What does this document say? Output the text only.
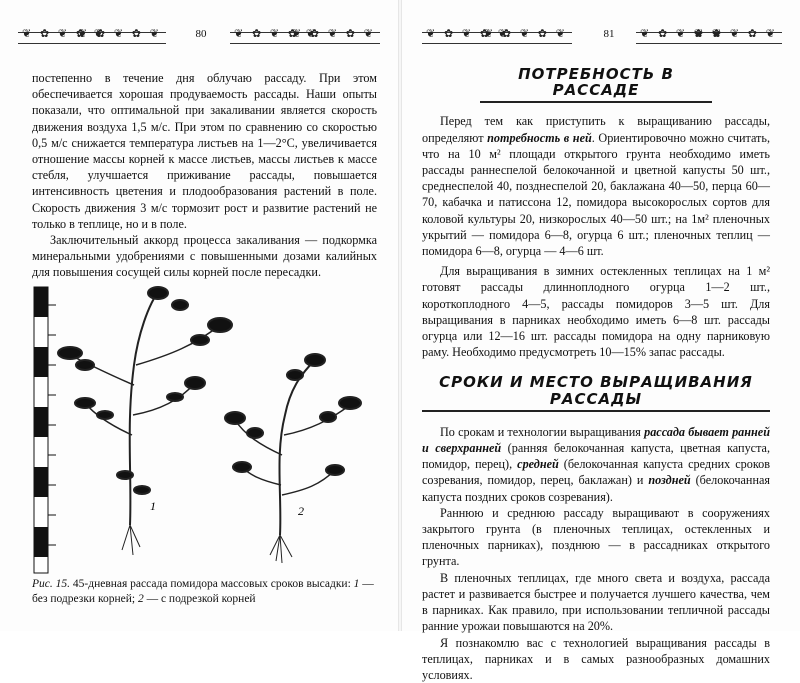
❦ ✿ ❦ ✿ ❦ ❦ ✿ ❦ ✿ ❦
80
❦ ✿ ❦ ✿ ❦ ❦ ✿ ❦ ✿ ❦

постепенно в течение дня облучаю рассаду. При этом обеспечивается хорошая продуваемость рассады. Наши опыты показали, что оптимальной при закаливании является скорость движения воздуха 1,5 м/с. При этом по сравнению со скоростью 0,5 м/с снижается температура листьев на 1—2°С, увеличивается отношение массы корней к массе листьев, массы листьев к массе стебля, улучшается приживание рассады, повышается интенсивность цветения и плодообразования растений в поле. Скорость движения 3 м/с тормозит рост и развитие растений не только в теплице, но и в поле.

Заключительный аккорд процесса закаливания — подкормка минеральными удобрениями с повышенными дозами калийных для повышения сосущей силы корней после пересадки.

1	2
Рис. 15. 45-дневная рассада помидора массовых сроков высадки: 1 — без подрезки корней; 2 — с подрезкой корней
❦ ✿ ❦ ✿ ❦ ❦ ✿ ❦ ✿ ❦
81
❦ ✿ ❦ ✿ ❦ ❦ ✿ ❦ ✿ ❦
ПОТРЕБНОСТЬ В РАССАДЕ

Перед тем как приступить к выращиванию рассады, определяют потребность в ней. Ориентировочно можно считать, что на 10 м² площади открытого грунта необходимо иметь рассады раннеспелой белокочанной и цветной капусты 50 шт., среднеспелой 40, позднеспелой 20, баклажана 40—50, перца 60—70, кабачка и патиссона 12, помидора высокорослых сортов для коловой культуры 20, низкорослых 40—50 шт.; на 1м² пленочных укрытий — помидора 6—8, огурца 6 шт.; пленочных теплиц — помидора 6—8, огурца — 4—6 шт.

Для выращивания в зимних остекленных теплицах на 1 м² готовят рассады длинноплодного огурца 1—2 шт., короткоплодного 4—5, рассады помидоров 3—5 шт. Для выращивания в парниках необходимо иметь 6—8 шт. рассады огурца или 12—16 шт. рассады помидора на одну парниковую раму. Необходимо предусмотреть 10—15% запас рассады.

СРОКИ И МЕСТО ВЫРАЩИВАНИЯ РАССАДЫ

По срокам и технологии выращивания рассада бывает ранней и сверхранней (ранняя белокочанная капуста, цветная капуста, помидор, перец), средней (белокочанная капуста средних сроков созревания, помидор, перец, баклажан) и поздней (белокочанная капуста поздних сроков созревания).

Раннюю и среднюю рассаду выращивают в сооружениях закрытого грунта (в пленочных теплицах, остекленных и пленочных парниках), позднюю — в рассадниках открытого грунта.

В пленочных теплицах, где много света и воздуха, рассада растет и развивается быстрее и получается лучшего качества, чем в парниках. Как правило, при использовании тепличной рассады ранние урожаи повышаются на 20%.

Я познакомлю вас с технологией выращивания рассады в теплицах, парниках и в самых разнообразных домашних условиях.
